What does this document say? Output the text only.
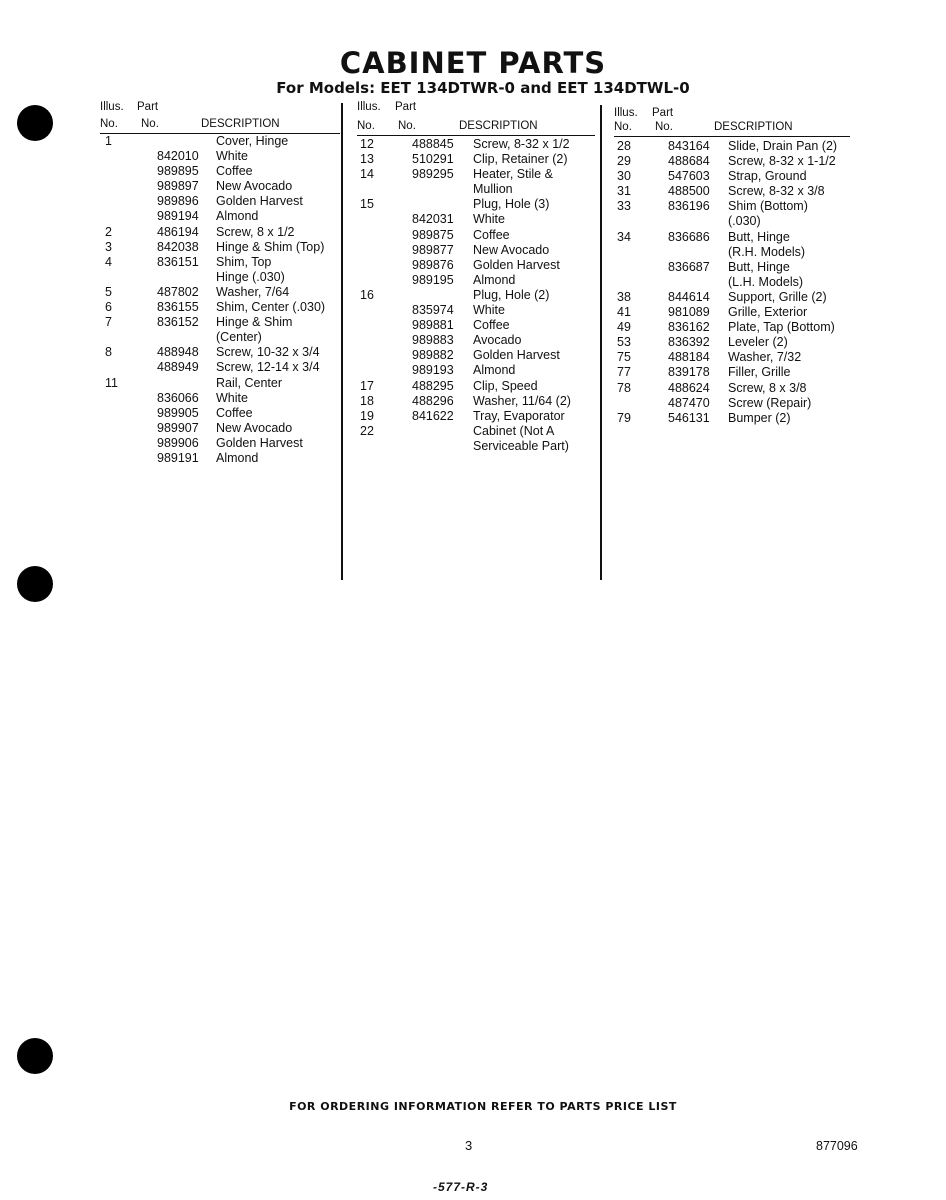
CABINET PARTS
For Models: EET 134DTWR-0 and EET 134DTWL-0
Illus. Part
No. No.	DESCRIPTION
1	Cover, Hinge
842010 White
989895 Coffee
989897 New Avocado
989896 Golden Harvest
989194 Almond
2	486194 Screw, 8 x 1/2
3	842038 Hinge & Shim (Top)
4	836151 Shim, Top
Hinge (.030)
5	487802 Washer, 7/64
6	836155 Shim, Center (.030)
7	836152 Hinge & Shim
(Center)
8	488948 Screw, 10-32 x 3/4
488949 Screw, 12-14 x 3/4
11	Rail, Center
836066 White
989905 Coffee
989907 New Avocado
989906 Golden Harvest
989191 Almond
Illus. Part
No. No.	DESCRIPTION
12	488845 Screw, 8-32 x 1/2
13	510291 Clip, Retainer (2)
14	989295 Heater, Stile &
Mullion
15	Plug, Hole (3)
842031 White
989875 Coffee
989877 New Avocado
989876 Golden Harvest
989195 Almond
16	Plug, Hole (2)
835974 White
989881 Coffee
989883 Avocado
989882 Golden Harvest
989193 Almond
17	488295 Clip, Speed
18	488296 Washer, 11/64 (2)
19	841622 Tray, Evaporator
22	Cabinet (Not A
Serviceable Part)
Illus. Part
No. No.	DESCRIPTION
28	843164 Slide, Drain Pan (2)
29	488684 Screw, 8-32 x 1-1/2
30	547603 Strap, Ground
31	488500 Screw, 8-32 x 3/8
33	836196 Shim (Bottom)
(.030)
34	836686 Butt, Hinge
(R.H. Models)
836687 Butt, Hinge
(L.H. Models)
38	844614 Support, Grille (2)
41	981089 Grille, Exterior
49	836162 Plate, Tap (Bottom)
53	836392 Leveler (2)
75	488184 Washer, 7/32
77	839178 Filler, Grille
78	488624 Screw, 8 x 3/8
487470 Screw (Repair)
79	546131 Bumper (2)
FOR ORDERING INFORMATION REFER TO PARTS PRICE LIST
3	877096
-577-R-3
